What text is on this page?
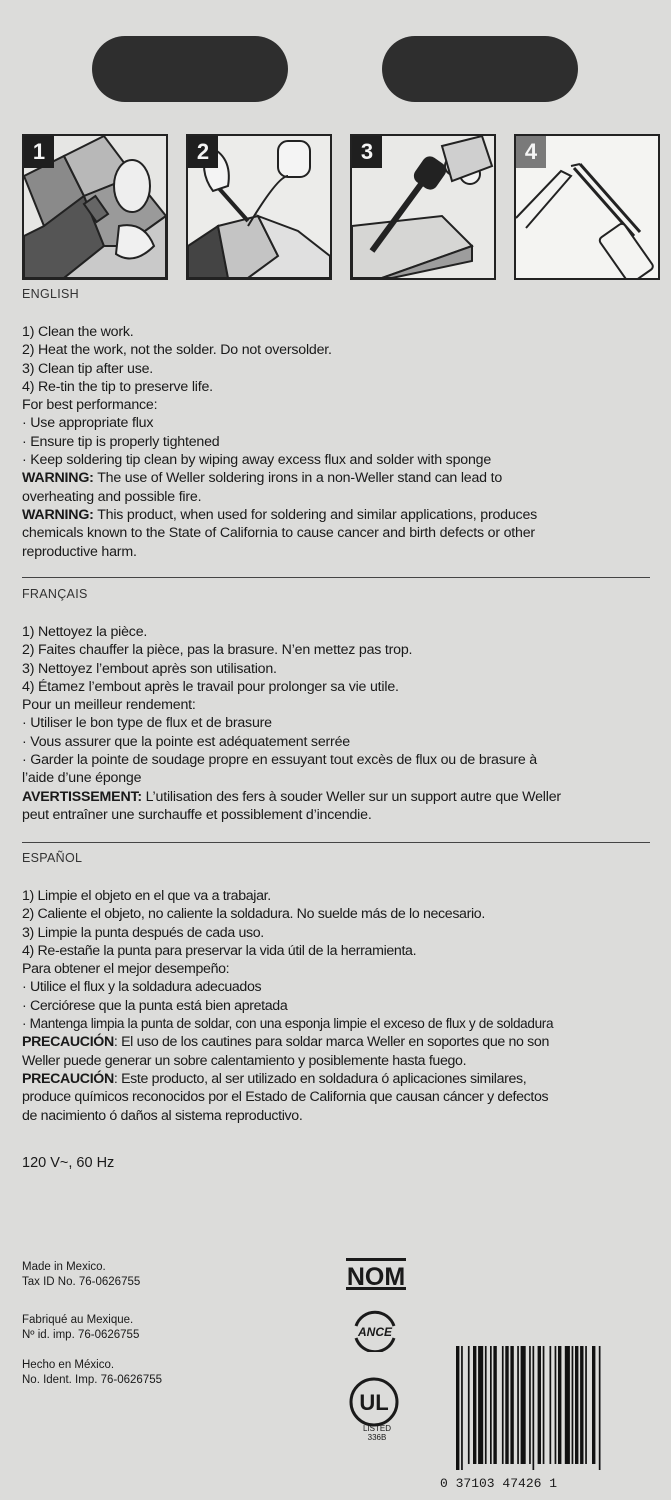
1	2	3	4
ENGLISH
1) Clean the work.
2) Heat the work, not the solder. Do not oversolder.
3) Clean tip after use.
4) Re-tin the tip to preserve life.
For best performance:
· Use appropriate flux
· Ensure tip is properly tightened
· Keep soldering tip clean by wiping away excess flux and solder with sponge
WARNING: The use of Weller soldering irons in a non-Weller stand can lead to
overheating and possible fire.
WARNING: This product, when used for soldering and similar applications, produces
chemicals known to the State of California to cause cancer and birth defects or other
reproductive harm.
FRANÇAIS
1) Nettoyez la pièce.
2) Faites chauffer la pièce, pas la brasure. N’en mettez pas trop.
3) Nettoyez l’embout après son utilisation.
4) Étamez l’embout après le travail pour prolonger sa vie utile.
Pour un meilleur rendement:
· Utiliser le bon type de flux et de brasure
· Vous assurer que la pointe est adéquatement serrée
· Garder la pointe de soudage propre en essuyant tout excès de flux ou de brasure à
l’aide d’une éponge
AVERTISSEMENT: L’utilisation des fers à souder Weller sur un support autre que Weller
peut entraîner une surchauffe et possiblement d’incendie.
ESPAÑOL
1) Limpie el objeto en el que va a trabajar.
2) Caliente el objeto, no caliente la soldadura. No suelde más de lo necesario.
3) Limpie la punta después de cada uso.
4) Re-estañe la punta para preservar la vida útil de la herramienta.
Para obtener el mejor desempeño:
· Utilice el flux y la soldadura adecuados
· Cerciórese que la punta está bien apretada
· Mantenga limpia la punta de soldar, con una esponja limpie el exceso de flux y de soldadura
PRECAUCIÓN: El uso de los cautines para soldar marca Weller en soportes que no son
Weller puede generar un sobre calentamiento y posiblemente hasta fuego.
PRECAUCIÓN: Este producto, al ser utilizado en soldadura ó aplicaciones similares,
produce químicos reconocidos por el Estado de California que causan cáncer y defectos
de nacimiento ó daños al sistema reproductivo.
120 V~, 60 Hz
Made in Mexico.
Tax ID No. 76-0626755
Fabriqué au Mexique.
Nº id. imp. 76-0626755
Hecho en México.
No. Ident. Imp. 76-0626755
NOM
ANCE
UL
LISTED
336B
0 37103 47426 1
